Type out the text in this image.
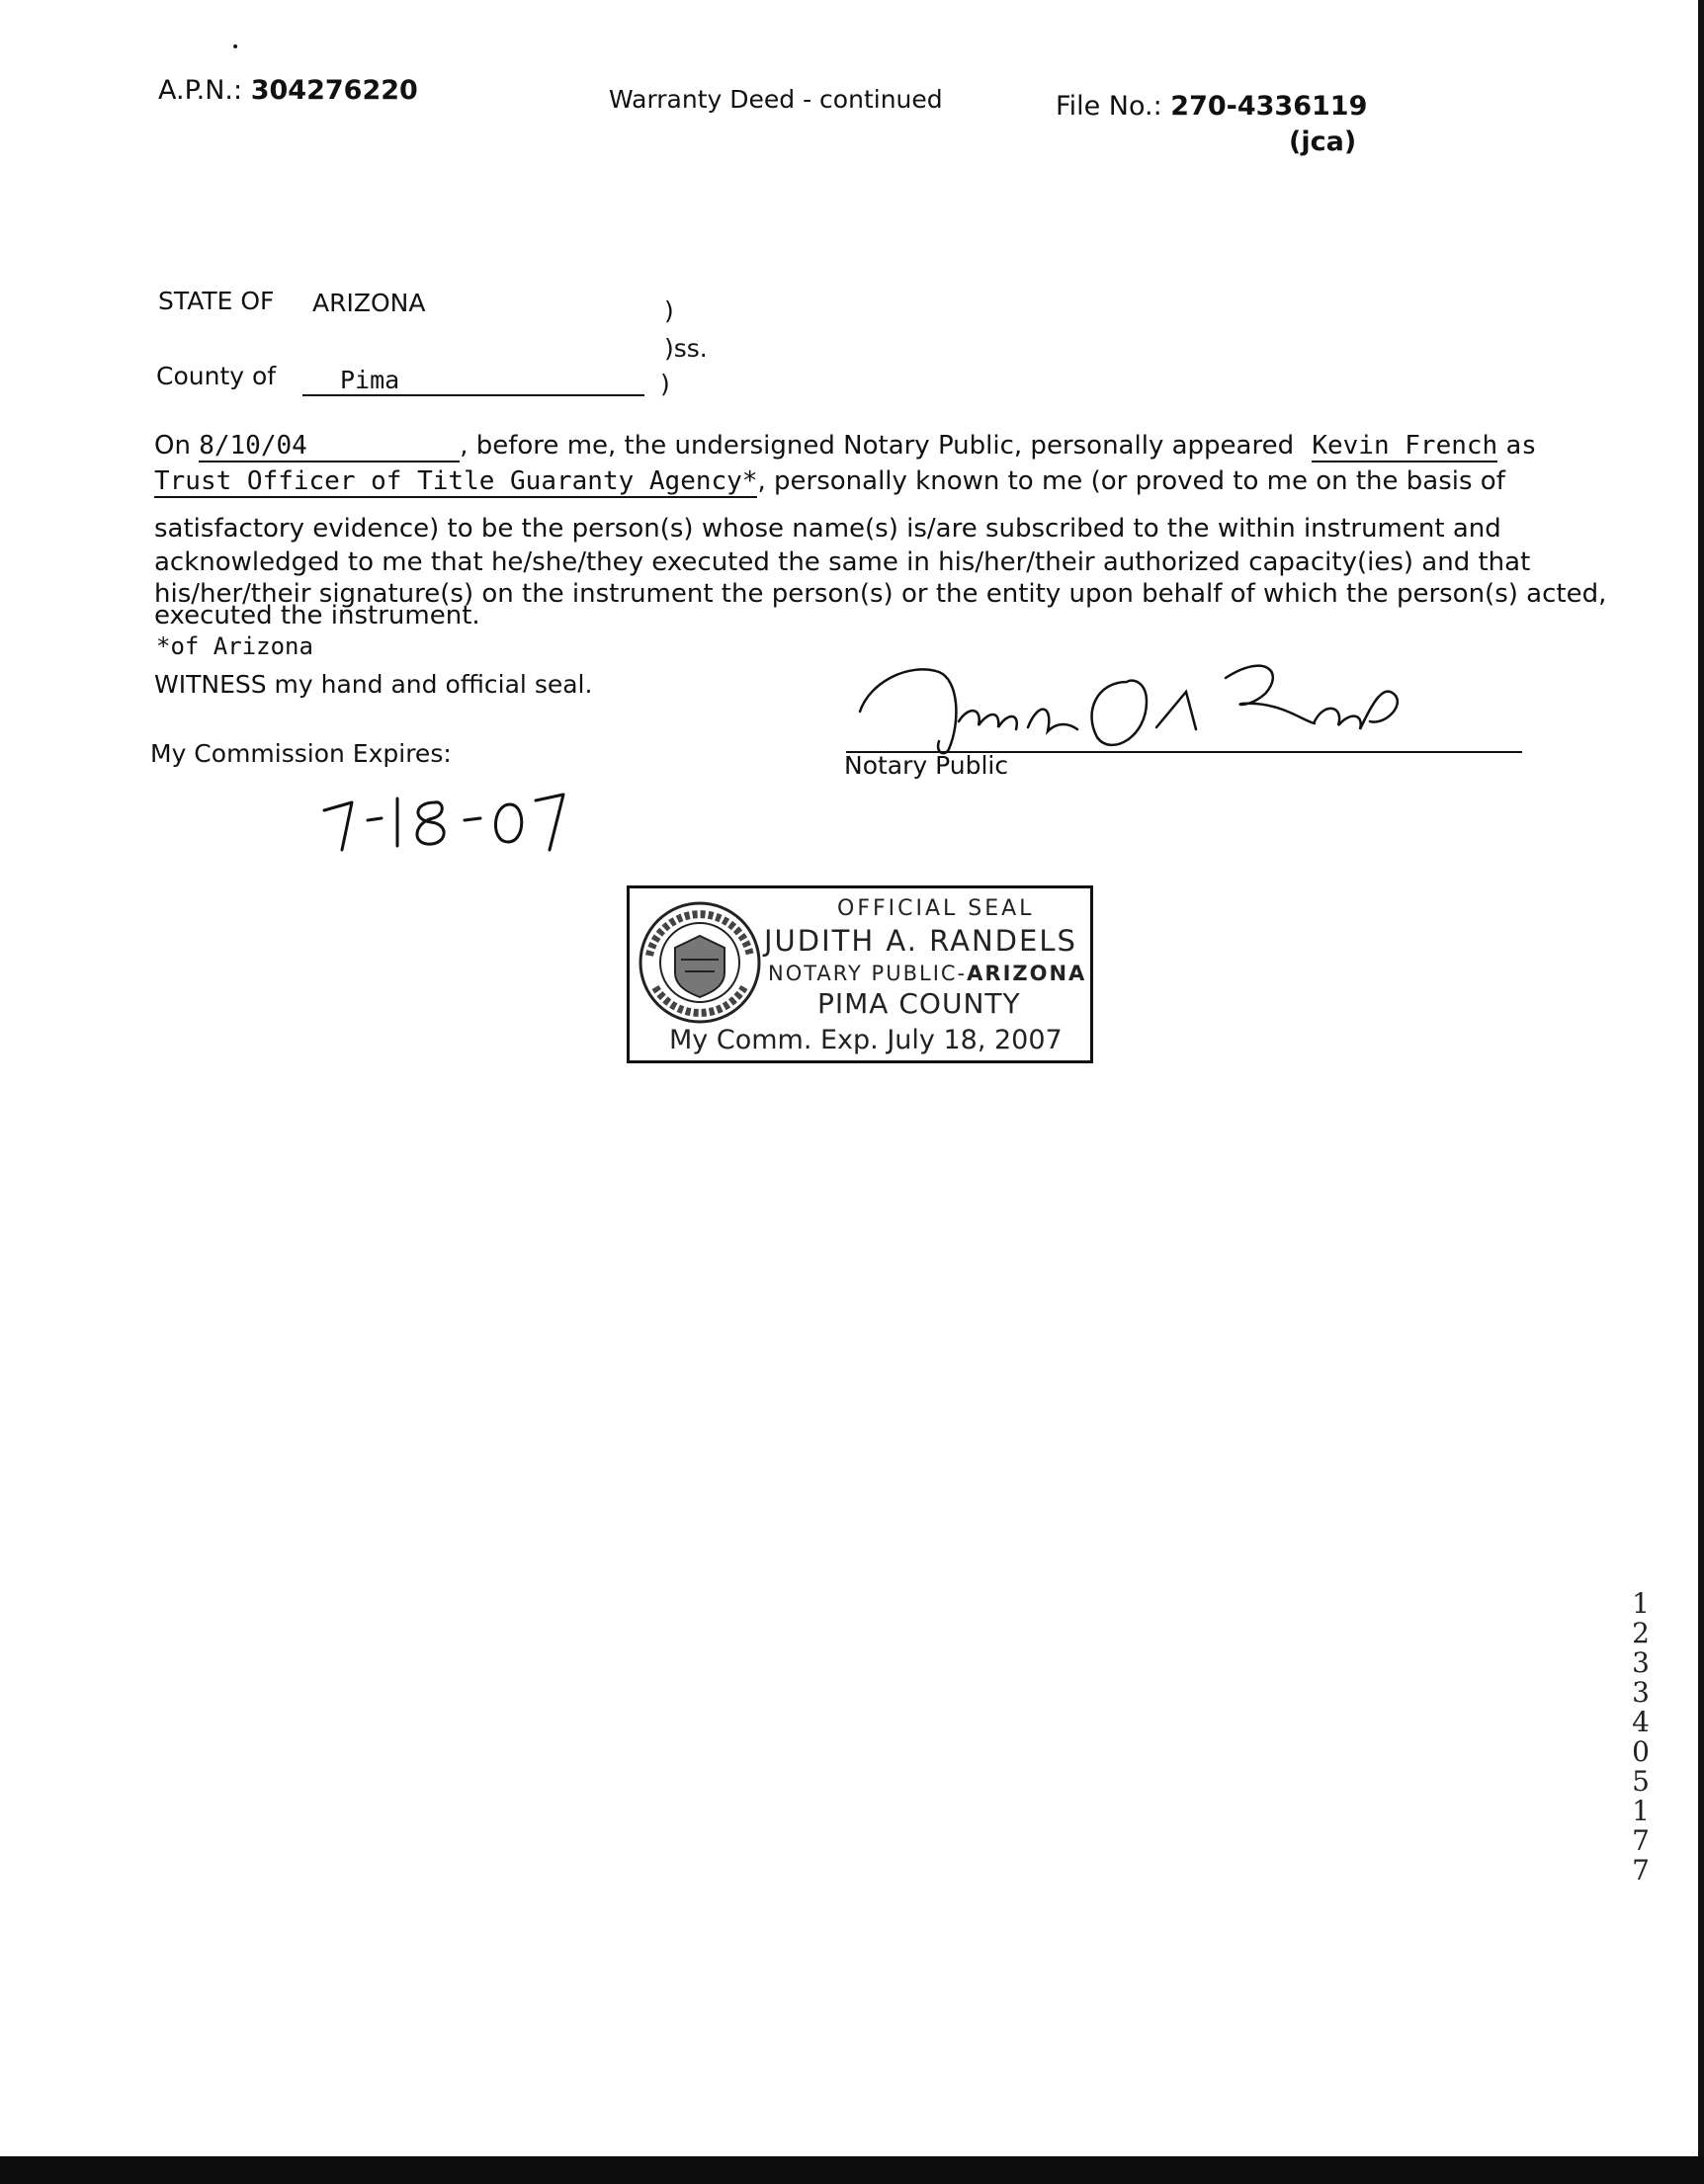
•
A.P.N.: 304276220	Warranty Deed - continued	File No.: 270-4336119
(jca)
STATE OF ARIZONA	)
)ss.
County of	Pima	)
On 8/10/04	, before me, the undersigned Notary Public, personally appeared Kevin French as
Trust Officer of Title Guaranty Agency*, personally known to me (or proved to me on the basis of
satisfactory evidence) to be the person(s) whose name(s) is/are subscribed to the within instrument and
acknowledged to me that he/she/they executed the same in his/her/their authorized capacity(ies) and that
his/her/their signature(s) on the instrument the person(s) or the entity upon behalf of which the person(s) acted,
executed the instrument.
*of Arizona
WITNESS my hand and official seal.
My Commission Expires:	Notary Public
OFFICIAL SEAL
JUDITH A. RANDELS
NOTARY PUBLIC-ARIZONA
PIMA COUNTY
My Comm. Exp. July 18, 2007
1
2
3
3
4
0
5
1
7
7
